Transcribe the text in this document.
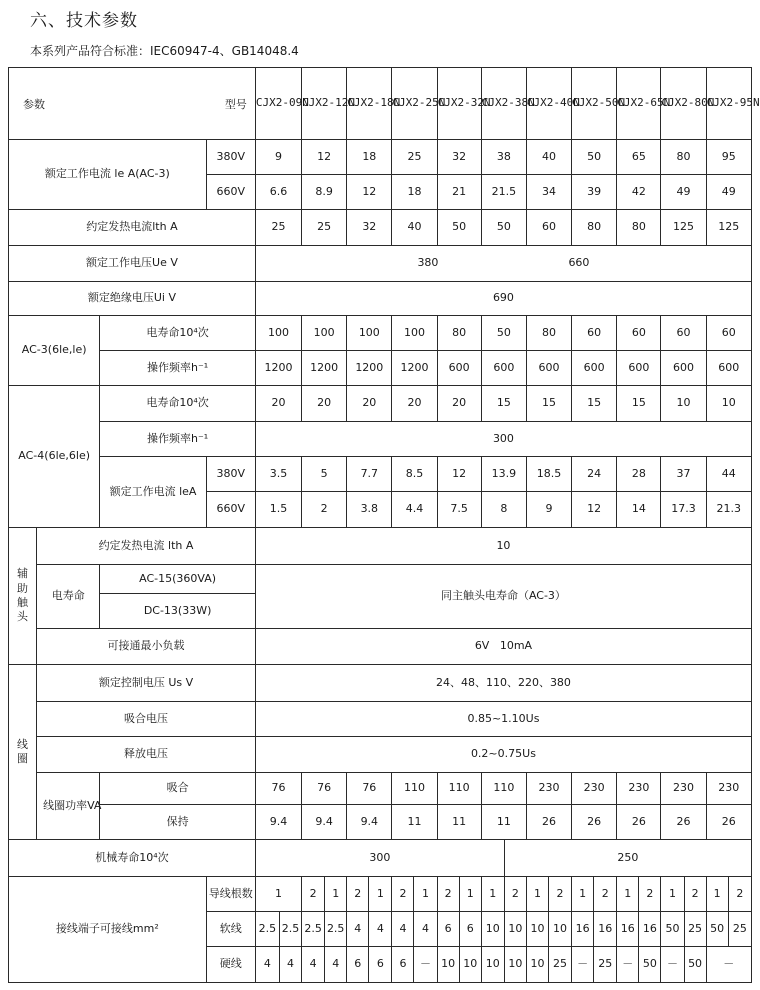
六、技术参数
本系列产品符合标准：IEC60947-4、GB14048.4
参数 型号				CJX2-09N		CJX2-12N		CJX2-18N		CJX2-25N		CJX2-32N		CJX2-38N		CJX2-40N		CJX2-50N		CJX2-65N		CJX2-80N		CJX2-95N	
额定工作电流 le A(AC-3)			380V	9		12		18		25		32		38		40		50		65		80		95	
			660V	6.6		8.9		12		18		21		21.5		34		39		42		49		49	
约定发热电流lth A				25		25		32		40		50		50		60		80		80		125		125	
额定工作电压Ue V				380 660																					
额定绝缘电压Ui V				690																					
AC-3(6le,le)		电寿命10⁴次		100		100		100		100		80		50		80		60		60		60		60	
		操作频率h⁻¹		1200		1200		1200		1200		600		600		600		600		600		600		600	
AC-4(6le,6le)		电寿命10⁴次		20		20		20		20		20		15		15		15		15		10		10	
		操作频率h⁻¹		300																					
		额定工作电流 leA	380V	3.5		5		7.7		8.5		12		13.9		18.5		24		28		37		44	
			660V	1.5		2		3.8		4.4		7.5		8		9		12		14		17.3		21.3	
辅助触头	约定发热电流 lth A			10																					
	电寿命	AC-15(360VA)		同主触头电寿命（AC-3）																					
		DC-13(33W)																							
	可接通最小负载			6V   10mA																					
线圈	额定控制电压 Us V			24、48、110、220、380																					
	吸合电压			0.85~1.10Us																					
	释放电压			0.2~0.75Us																					
	线圈功率VA	吸合		76		76		76		110		110		110		230		230		230		230		230	
		保持		9.4		9.4		9.4		11		11		11		26		26		26		26		26	
机械寿命10⁴次				300											250										
接线端子可接线mm²			导线根数	1		2	1	2	1	2	1	2	1	1	2	1	2	1	2	1	2	1	2	1	2
			软线	2.5	2.5	2.5	2.5	4	4	4	4	6	6	10	10	10	10	16	16	16	16	50	25	50	25
			硬线	4	4	4	4	6	6	6	－	10	10	10	10	10	25	－	25	－	50	－	50	－	
